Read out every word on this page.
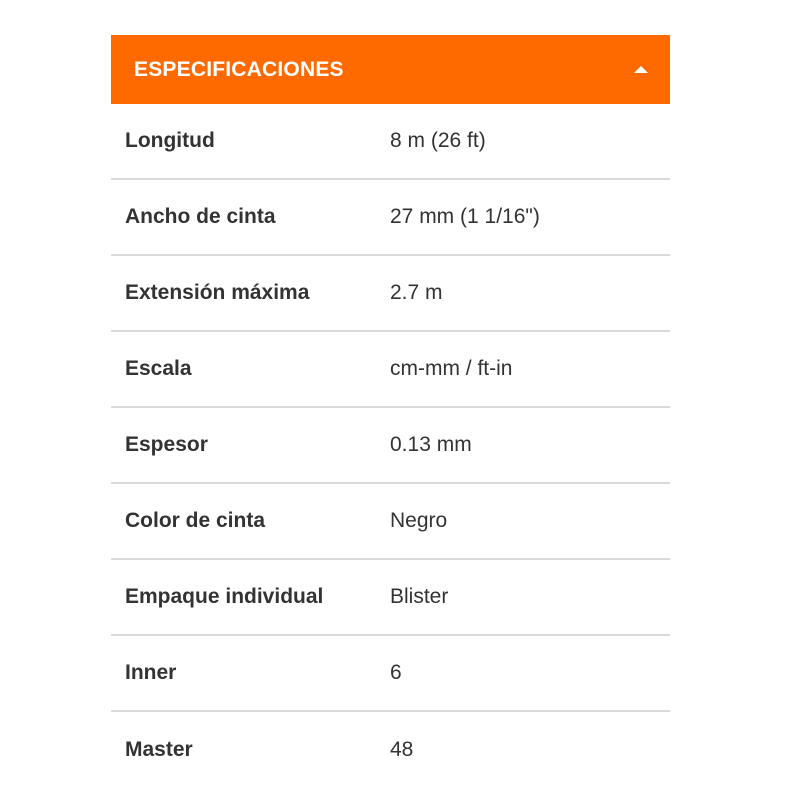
ESPECIFICACIONES
Longitud	8 m (26 ft)
Ancho de cinta	27 mm (1 1/16")
Extensión máxima	2.7 m
Escala	cm-mm / ft-in
Espesor	0.13 mm
Color de cinta	Negro
Empaque individual	Blister
Inner	6
Master	48
